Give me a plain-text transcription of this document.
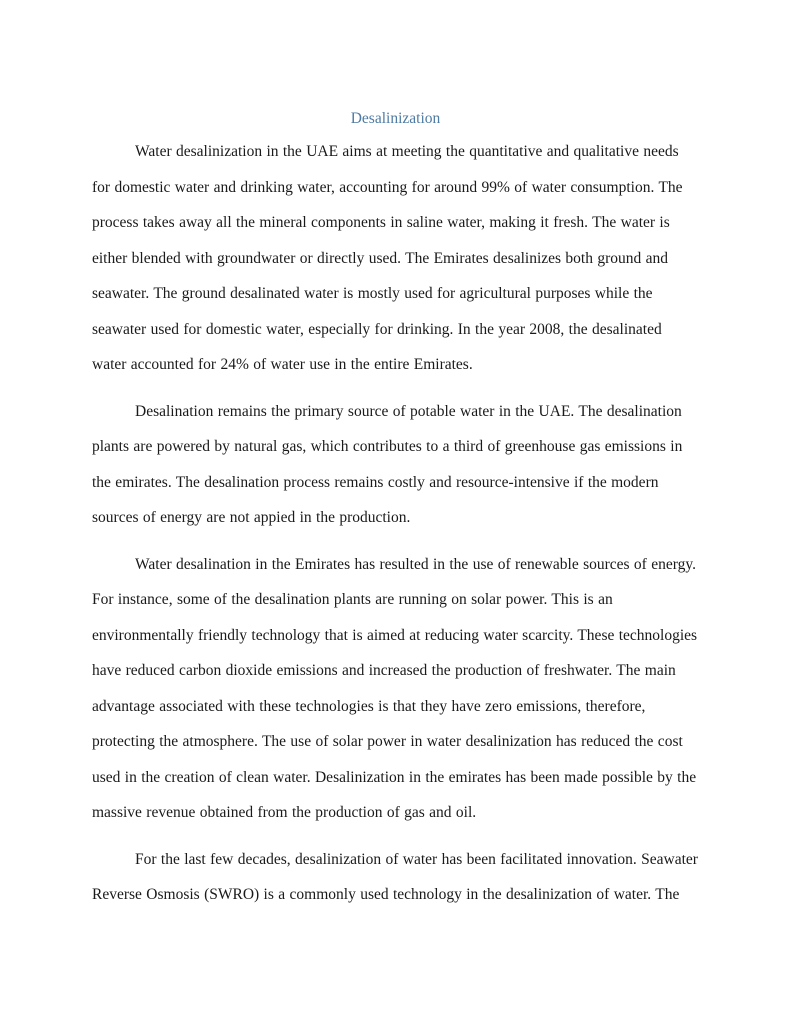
Desalinization

Water desalinization in the UAE aims at meeting the quantitative and qualitative needs for domestic water and drinking water, accounting for around 99% of water consumption. The process takes away all the mineral components in saline water, making it fresh. The water is either blended with groundwater or directly used. The Emirates desalinizes both ground and seawater. The ground desalinated water is mostly used for agricultural purposes while the seawater used for domestic water, especially for drinking. In the year 2008, the desalinated water accounted for 24% of water use in the entire Emirates.

Desalination remains the primary source of potable water in the UAE. The desalination plants are powered by natural gas, which contributes to a third of greenhouse gas emissions in the emirates. The desalination process remains costly and resource-intensive if the modern sources of energy are not appied in the production.

Water desalination in the Emirates has resulted in the use of renewable sources of energy. For instance, some of the desalination plants are running on solar power. This is an environmentally friendly technology that is aimed at reducing water scarcity. These technologies have reduced carbon dioxide emissions and increased the production of freshwater. The main advantage associated with these technologies is that they have zero emissions, therefore, protecting the atmosphere. The use of solar power in water desalinization has reduced the cost used in the creation of clean water. Desalinization in the emirates has been made possible by the massive revenue obtained from the production of gas and oil.

For the last few decades, desalinization of water has been facilitated innovation. Seawater Reverse Osmosis (SWRO) is a commonly used technology in the desalinization of water. The
